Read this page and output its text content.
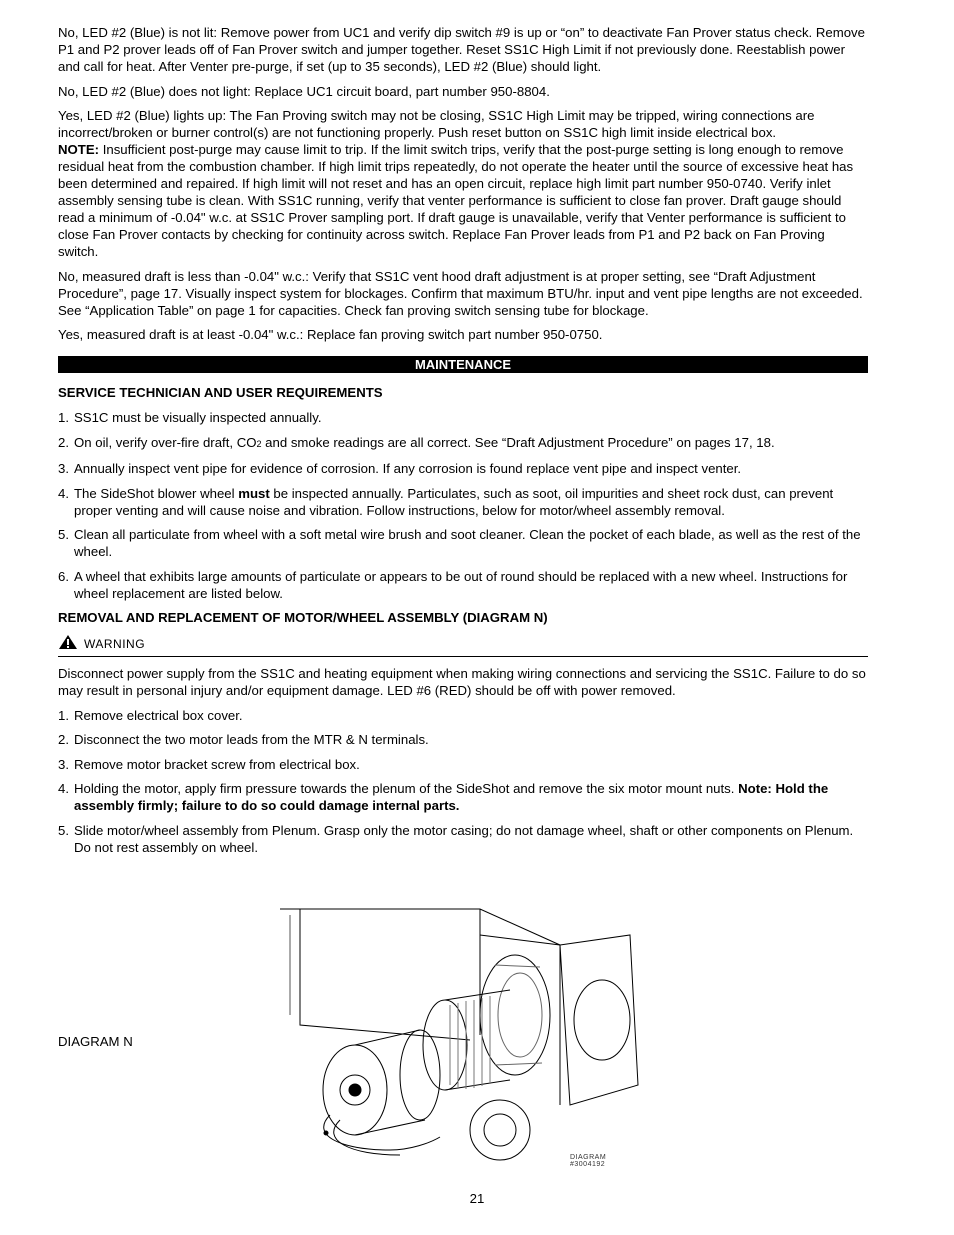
No, LED #2 (Blue) is not lit: Remove power from UC1 and verify dip switch #9 is up or “on” to deactivate Fan Prover status check. Remove P1 and P2 prover leads off of Fan Prover switch and jumper together. Reset SS1C High Limit if not previously done. Reestablish power and call for heat. After Venter pre-purge, if set (up to 35 seconds), LED #2 (Blue) should light.

No, LED #2 (Blue) does not light: Replace UC1 circuit board, part number 950-8804.

Yes, LED #2 (Blue) lights up: The Fan Proving switch may not be closing, SS1C High Limit may be tripped, wiring connections are incorrect/broken or burner control(s) are not functioning properly. Push reset button on SS1C high limit inside electrical box.
NOTE: Insufficient post-purge may cause limit to trip. If the limit switch trips, verify that the post-purge setting is long enough to remove residual heat from the combustion chamber. If high limit trips repeatedly, do not operate the heater until the source of excessive heat has been determined and repaired. If high limit will not reset and has an open circuit, replace high limit part number 950-0740. Verify inlet assembly sensing tube is clean. With SS1C running, verify that venter performance is sufficient to close fan prover. Draft gauge should read a minimum of -0.04" w.c. at SS1C Prover sampling port. If draft gauge is unavailable, verify that Venter performance is sufficient to close Fan Prover contacts by checking for continuity across switch. Replace Fan Prover leads from P1 and P2 back on Fan Proving switch.

No, measured draft is less than -0.04" w.c.: Verify that SS1C vent hood draft adjustment is at proper setting, see “Draft Adjustment Procedure”, page 17. Visually inspect system for blockages. Confirm that maximum BTU/hr. input and vent pipe lengths are not exceeded. See “Application Table” on page 1 for capacities. Check fan proving switch sensing tube for blockage.

Yes, measured draft is at least -0.04" w.c.: Replace fan proving switch part number 950-0750.

MAINTENANCE
SERVICE TECHNICIAN AND USER REQUIREMENTS
1. SS1C must be visually inspected annually.
2. On oil, verify over-fire draft, CO2 and smoke readings are all correct. See “Draft Adjustment Procedure” on pages 17, 18.
3. Annually inspect vent pipe for evidence of corrosion. If any corrosion is found replace vent pipe and inspect venter.
4. The SideShot blower wheel must be inspected annually. Particulates, such as soot, oil impurities and sheet rock dust, can prevent proper venting and will cause noise and vibration. Follow instructions, below for motor/wheel assembly removal.
5. Clean all particulate from wheel with a soft metal wire brush and soot cleaner. Clean the pocket of each blade, as well as the rest of the wheel.
6. A wheel that exhibits large amounts of particulate or appears to be out of round should be replaced with a new wheel. Instructions for wheel replacement are listed below.
REMOVAL AND REPLACEMENT OF MOTOR/WHEEL ASSEMBLY (DIAGRAM N)
WARNING

Disconnect power supply from the SS1C and heating equipment when making wiring connections and servicing the SS1C. Failure to do so may result in personal injury and/or equipment damage. LED #6 (RED) should be off with power removed.

1. Remove electrical box cover.
2. Disconnect the two motor leads from the MTR & N terminals.
3. Remove motor bracket screw from electrical box.
4. Holding the motor, apply firm pressure towards the plenum of the SideShot and remove the six motor mount nuts. Note: Hold the assembly firmly; failure to do so could damage internal parts.
5. Slide motor/wheel assembly from Plenum. Grasp only the motor casing; do not damage wheel, shaft or other components on Plenum. Do not rest assembly on wheel.
DIAGRAM N
DIAGRAM #3004192
21
